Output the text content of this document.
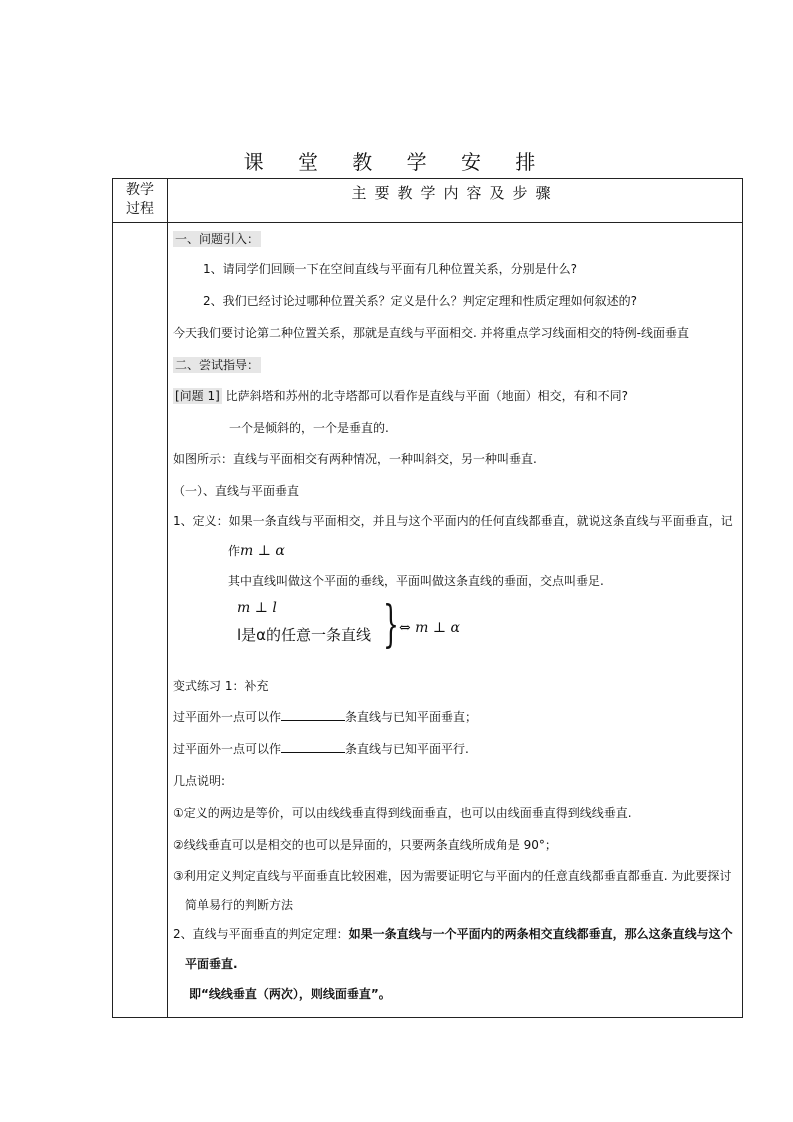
课 堂 教 学 安 排
教学
过程
主要教学内容及步骤
一、问题引入：
1、请同学们回顾一下在空间直线与平面有几种位置关系，分别是什么?
2、我们已经讨论过哪种位置关系？定义是什么？判定定理和性质定理如何叙述的?
今天我们要讨论第二种位置关系，那就是直线与平面相交. 并将重点学习线面相交的特例-线面垂直
二、尝试指导：
[问题 1] 比萨斜塔和苏州的北寺塔都可以看作是直线与平面（地面）相交，有和不同?
一个是倾斜的，一个是垂直的.
如图所示：直线与平面相交有两种情况，一种叫斜交，另一种叫垂直.
（一）、直线与平面垂直
1、定义：如果一条直线与平面相交，并且与这个平面内的任何直线都垂直，就说这条直线与平面垂直，记
作m ⊥ α
其中直线叫做这个平面的垂线，平面叫做这条直线的垂面，交点叫垂足.
m ⊥ l
l是α的任意一条直线 } ⇔ m ⊥ α
变式练习 1：补充
过平面外一点可以作	条直线与已知平面垂直；
过平面外一点可以作	条直线与已知平面平行.
几点说明:
①定义的两边是等价，可以由线线垂直得到线面垂直，也可以由线面垂直得到线线垂直.
②线线垂直可以是相交的也可以是异面的，只要两条直线所成角是 90°；
③利用定义判定直线与平面垂直比较困难，因为需要证明它与平面内的任意直线都垂直都垂直. 为此要探讨
简单易行的判断方法
2、直线与平面垂直的判定定理：如果一条直线与一个平面内的两条相交直线都垂直，那么这条直线与这个
平面垂直.
即“线线垂直（两次），则线面垂直”。
